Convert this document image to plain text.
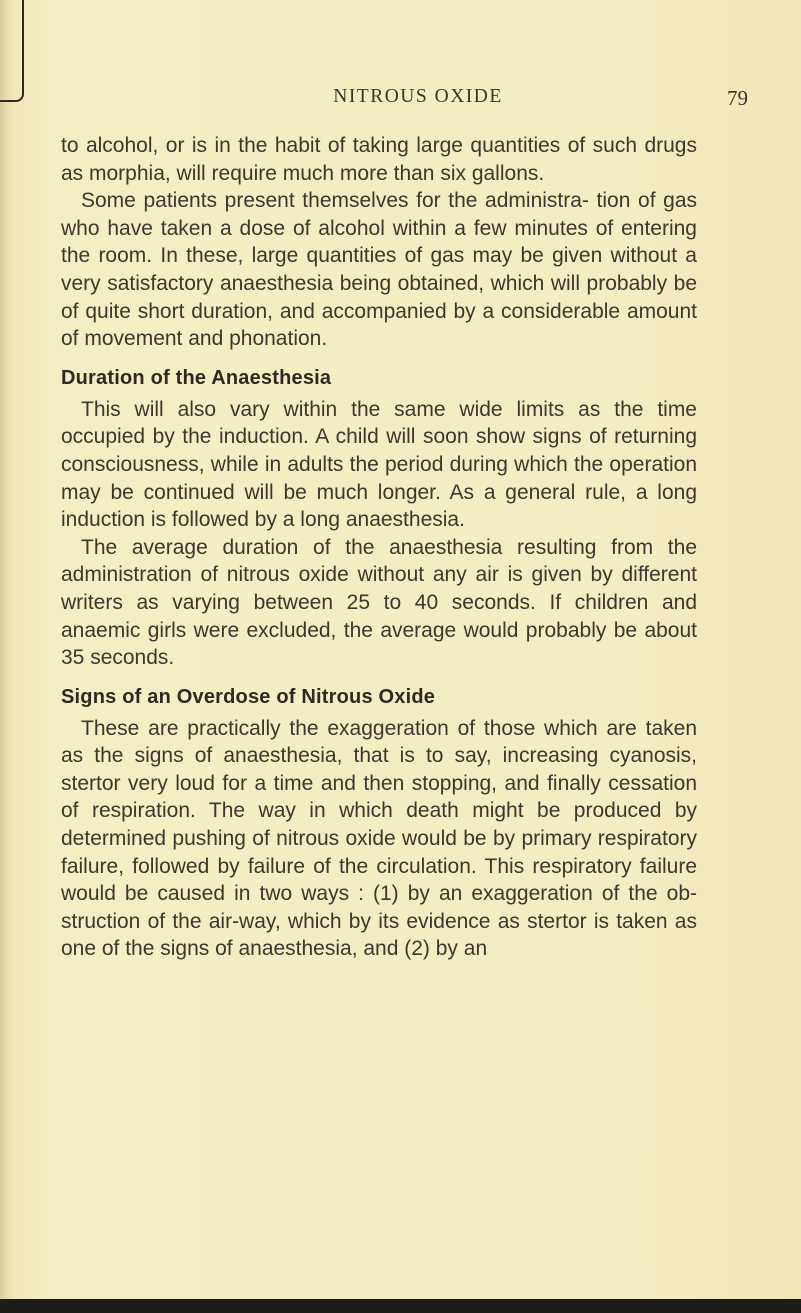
NITROUS OXIDE	79

to alcohol, or is in the habit of taking large quantities of such drugs as morphia, will require much more than six gallons.

Some patients present themselves for the administra- tion of gas who have taken a dose of alcohol within a few minutes of entering the room. In these, large quantities of gas may be given without a very satisfactory anaesthesia being obtained, which will probably be of quite short duration, and accompanied by a considerable amount of movement and phonation.

Duration of the Anaesthesia

This will also vary within the same wide limits as the time occupied by the induction. A child will soon show signs of returning consciousness, while in adults the period during which the operation may be continued will be much longer. As a general rule, a long induction is followed by a long anaesthesia.

The average duration of the anaesthesia resulting from the administration of nitrous oxide without any air is given by different writers as varying between 25 to 40 seconds. If children and anaemic girls were excluded, the average would probably be about 35 seconds.

Signs of an Overdose of Nitrous Oxide

These are practically the exaggeration of those which are taken as the signs of anaesthesia, that is to say, increasing cyanosis, stertor very loud for a time and then stopping, and finally cessation of respiration. The way in which death might be produced by determined pushing of nitrous oxide would be by primary respiratory failure, followed by failure of the circulation. This respiratory failure would be caused in two ways : (1) by an exaggeration of the ob- struction of the air-way, which by its evidence as stertor is taken as one of the signs of anaesthesia, and (2) by an
